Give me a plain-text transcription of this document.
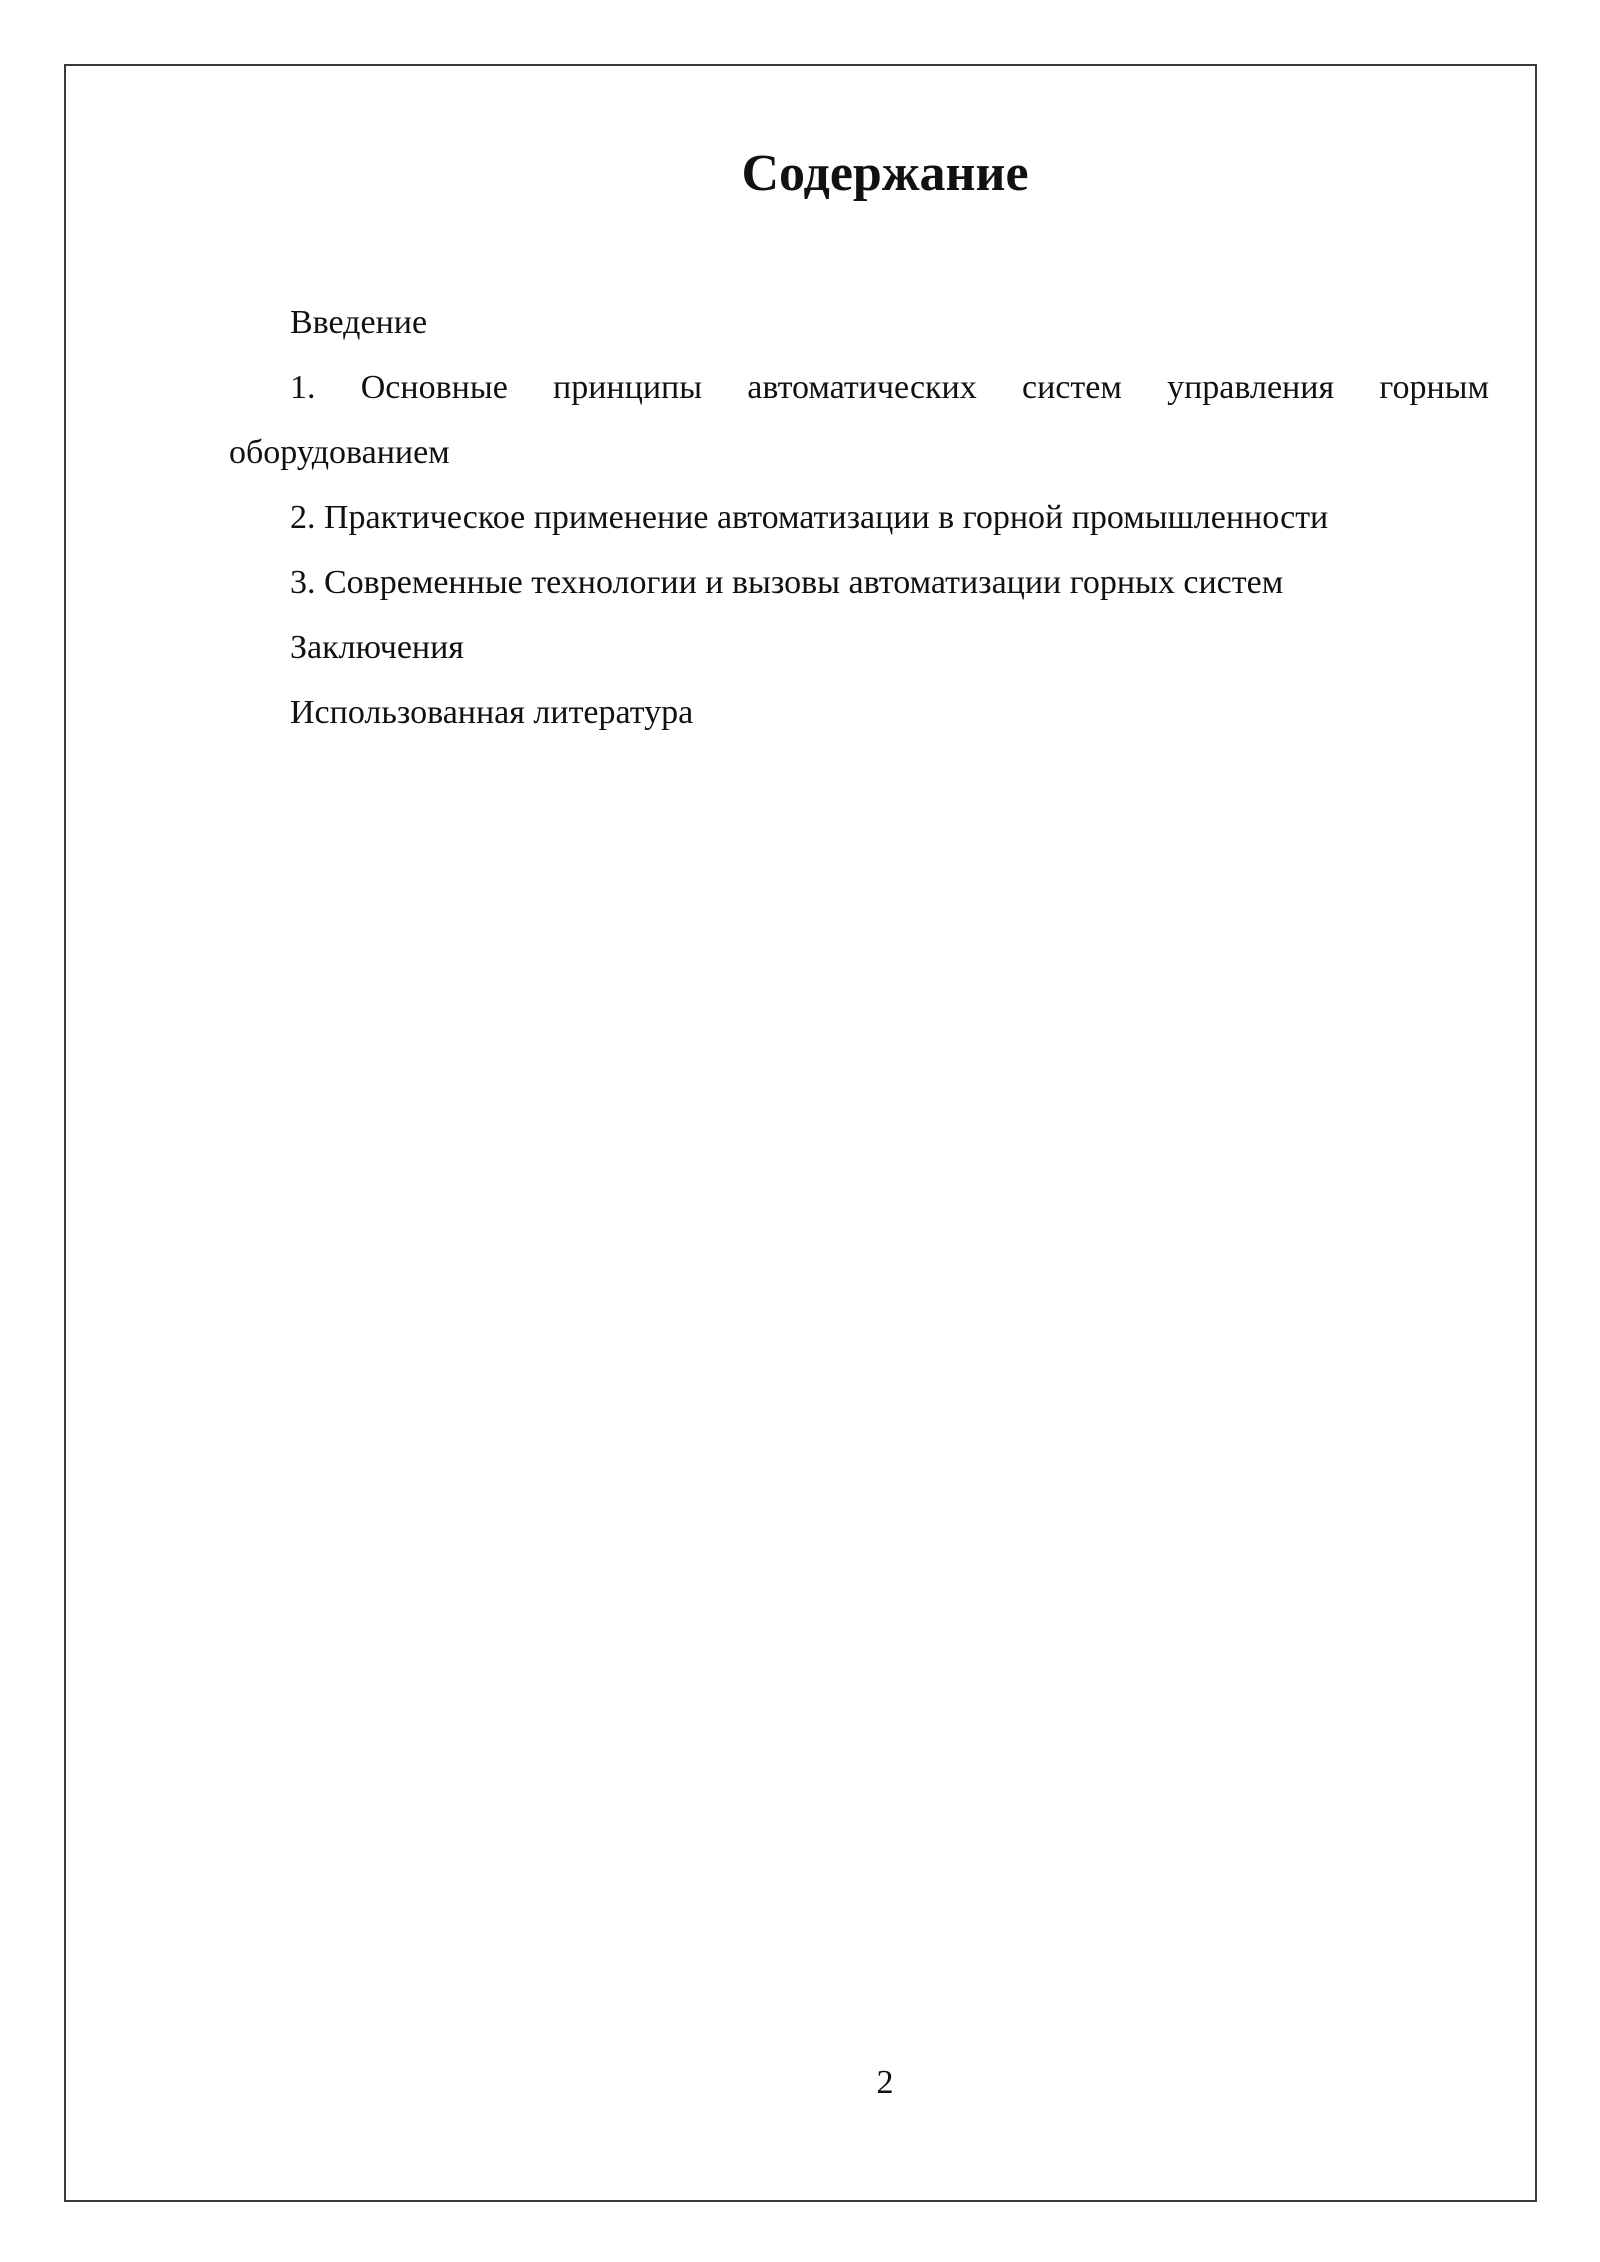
Содержание

Введение

1. Основные принципы автоматических систем управления горным оборудованием

2. Практическое применение автоматизации в горной промышленности

3. Современные технологии и вызовы автоматизации горных систем

Заключения

Использованная литература

2
